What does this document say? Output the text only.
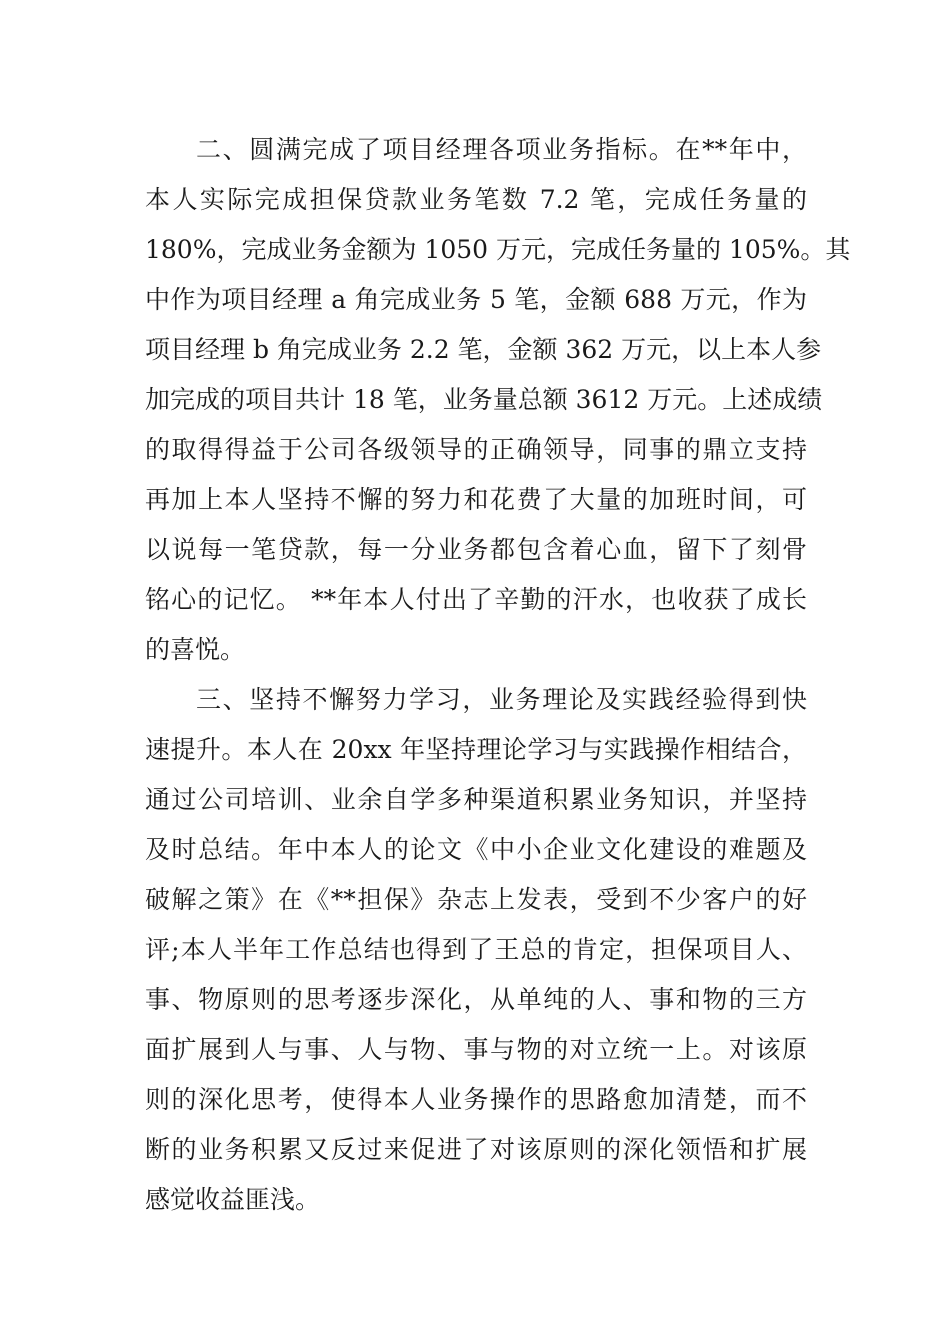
二、圆满完成了项目经理各项业务指标。在**年中，
本人实际完成担保贷款业务笔数 7.2 笔，完成任务量的
180%，完成业务金额为 1050 万元，完成任务量的 105%。其
中作为项目经理 a 角完成业务 5 笔，金额 688 万元，作为
项目经理 b 角完成业务 2.2 笔，金额 362 万元，以上本人参
加完成的项目共计 18 笔，业务量总额 3612 万元。上述成绩
的取得得益于公司各级领导的正确领导，同事的鼎立支持
再加上本人坚持不懈的努力和花费了大量的加班时间，可
以说每一笔贷款，每一分业务都包含着心血，留下了刻骨
铭心的记忆。 **年本人付出了辛勤的汗水，也收获了成长
的喜悦。
三、坚持不懈努力学习，业务理论及实践经验得到快
速提升。本人在 20xx 年坚持理论学习与实践操作相结合，
通过公司培训、业余自学多种渠道积累业务知识，并坚持
及时总结。年中本人的论文《中小企业文化建设的难题及
破解之策》在《**担保》杂志上发表，受到不少客户的好
评;本人半年工作总结也得到了王总的肯定，担保项目人、
事、物原则的思考逐步深化，从单纯的人、事和物的三方
面扩展到人与事、人与物、事与物的对立统一上。对该原
则的深化思考，使得本人业务操作的思路愈加清楚，而不
断的业务积累又反过来促进了对该原则的深化领悟和扩展
感觉收益匪浅。
